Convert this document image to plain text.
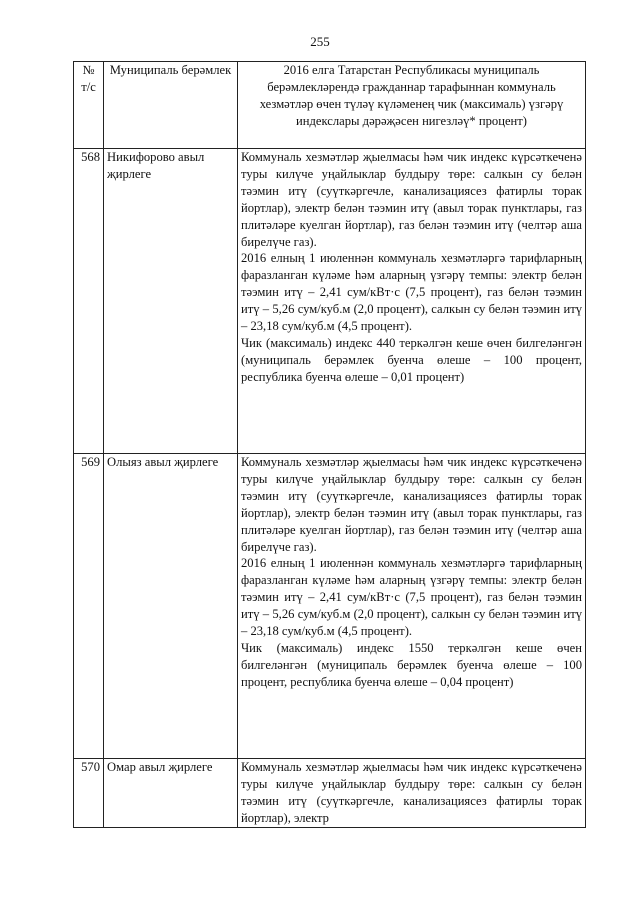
255
№ т/с	Муниципаль берәмлек	2016 елга Татарстан Республикасы муниципаль берәмлекләрендә гражданнар тарафыннан коммуналь хезмәтләр өчен түләү күләменең чик (максималь) үзгәрү индекслары дәрәҗәсен нигезләү* процент)
568	Никифорово авыл җирлеге	Коммуналь хезмәтләр җыелмасы һәм чик индекс күрсәткеченә туры килүче уңайлыклар булдыру төре: салкын су белән тәэмин итү (суүткәргечле, канализациясез фатирлы торак йортлар), электр белән тәэмин итү (авыл торак пунктлары, газ плитәләре куелган йортлар), газ белән тәэмин итү (челтәр аша бирелүче газ).
2016 елның 1 июленнән коммуналь хезмәтләргә тарифларның фаразланган күләме һәм аларның үзгәрү темпы: электр белән тәэмин итү – 2,41 сум/кВт·с (7,5 процент), газ белән тәэмин итү – 5,26 сум/куб.м (2,0 процент), салкын су белән тәэмин итү – 23,18 сум/куб.м (4,5 процент).
Чик (максималь) индекс 440 теркәлгән кеше өчен билгеләнгән (муниципаль берәмлек буенча өлеше – 100 процент, республика буенча өлеше – 0,01 процент)

569	Олыяз авыл җирлеге	Коммуналь хезмәтләр җыелмасы һәм чик индекс күрсәткеченә туры килүче уңайлыклар булдыру төре: салкын су белән тәэмин итү (суүткәргечле, канализациясез фатирлы торак йортлар), электр белән тәэмин итү (авыл торак пунктлары, газ плитәләре куелган йортлар), газ белән тәэмин итү (челтәр аша бирелүче газ).
2016 елның 1 июленнән коммуналь хезмәтләргә тарифларның фаразланган күләме һәм аларның үзгәрү темпы: электр белән тәэмин итү – 2,41 сум/кВт·с (7,5 процент), газ белән тәэмин итү – 5,26 сум/куб.м (2,0 процент), салкын су белән тәэмин итү – 23,18 сум/куб.м (4,5 процент).
Чик (максималь) индекс 1550 теркәлгән кеше өчен билгеләнгән (муниципаль берәмлек буенча өлеше – 100 процент, республика буенча өлеше – 0,04 процент)

570	Омар авыл җирлеге	Коммуналь хезмәтләр җыелмасы һәм чик индекс күрсәткеченә туры килүче уңайлыклар булдыру төре: салкын су белән тәэмин итү (суүткәргечле, канализациясез фатирлы торак йортлар), электр
